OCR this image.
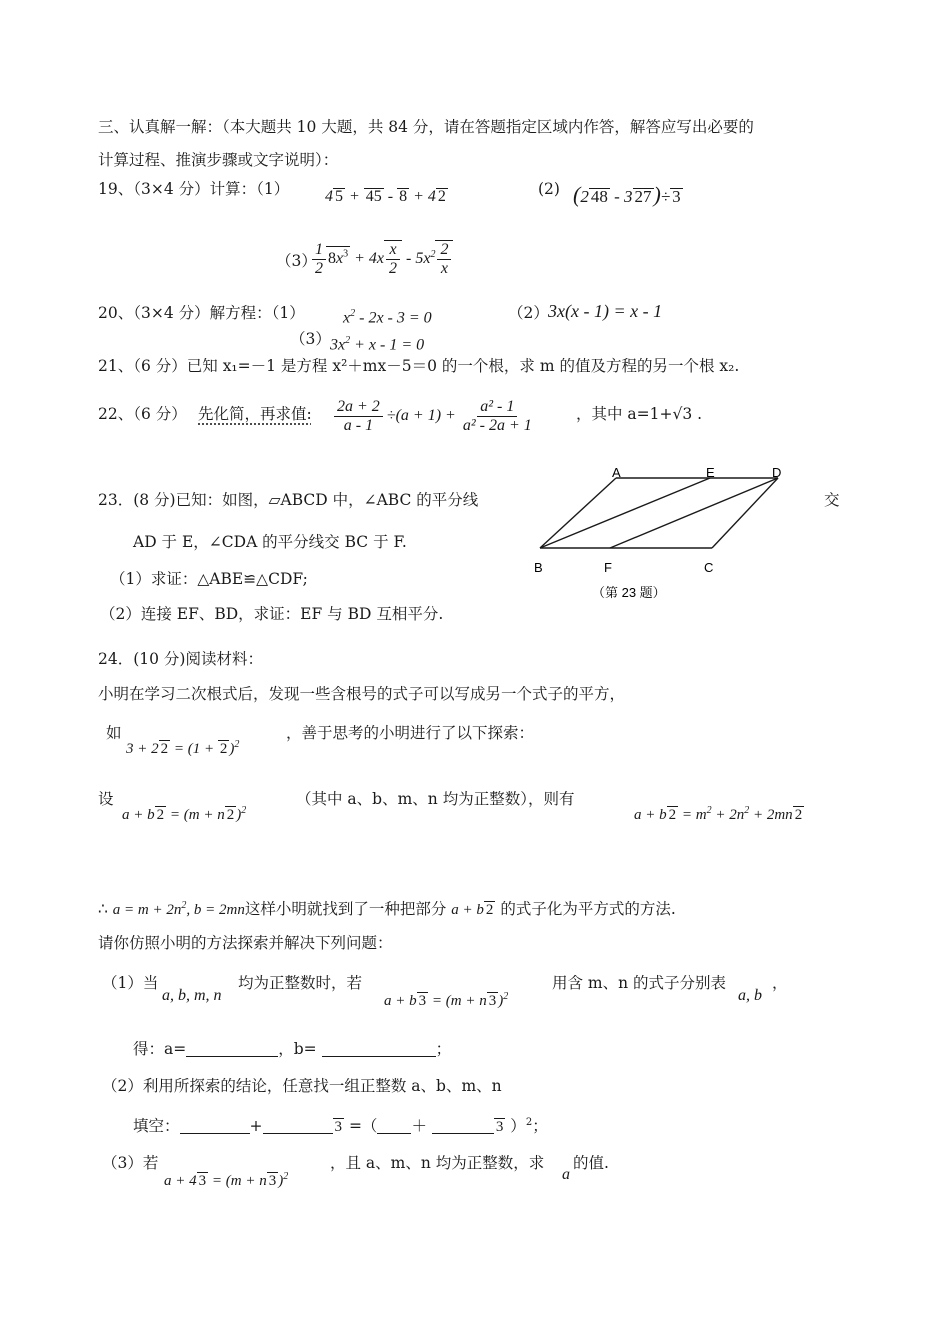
三、认真解一解：（本大题共 10 大题，共 84 分，请在答题指定区域内作答，解答应写出必要的
计算过程、推演步骤或文字说明）：
19、（3×4 分）计算：（1） 4 5 + 45 - 8 + 4 2	(2) (2 48 - 3 27)÷ 3
（3）
$\frac{1}{2} 8x^3 + 4x \frac{x}{2} - 5x^2 \frac{2}{x}$
20、（3×4 分）解方程：（1） $x^2 - 2x - 3 = 0$	（2） 3x(x - 1) = x - 1
（3） $3x^2 + x - 1 = 0$
21、（6 分）已知 x₁=－1 是方程 x²＋mx－5＝0 的一个根，求 m 的值及方程的另一个根 x₂.
22、（6 分） 先化简，再求值: $\frac{2a + 2}{a - 1} \div(a + 1) + \frac{\text{a² - 1}}{\text{a² - 2a + 1}}$	，其中 a=1+√3 .
23．(8 分)已知：如图，▱ABCD 中，∠ABC 的平分线	交
AD 于 E，∠CDA 的平分线交 BC 于 F.
（1）求证：△ABE≌△CDF;
（2）连接 EF、BD，求证：EF 与 BD 互相平分.
A	E	D
B	F	C
（第 23 题）
24．(10 分)阅读材料：
小明在学习二次根式后，发现一些含根号的式子可以写成另一个式子的平方，
如
3 + 2 2 = (1 + 2 )$^2$
，善于思考的小明进行了以下探索：
设
a + b 2 = (m + n 2 )$^2$
（其中 a、b、m、n 均为正整数），则有
a + b $2 = m^2 + 2n^2 + 2mn$ 2
∴ $a = m + 2n^2$, b = 2mn这样小明就找到了一种把部分 a + b 2 的式子化为平方式的方法.
请你仿照小明的方法探索并解决下列问题：
（1）当
a, b, m, n
均为正整数时，若
a + b 3 = (m + n 3 )$^2$
用含 m、n 的式子分别表
a, b
，
得：a=	，b=	；
（2）利用所探索的结论，任意找一组正整数 a、b、m、n
填空：	+	3 =（ ＋	3 ）$^2$；
（3）若
a + 4 3 = (m + n 3 )$^2$
，且 a、m、n 均为正整数，求
a
的值.
